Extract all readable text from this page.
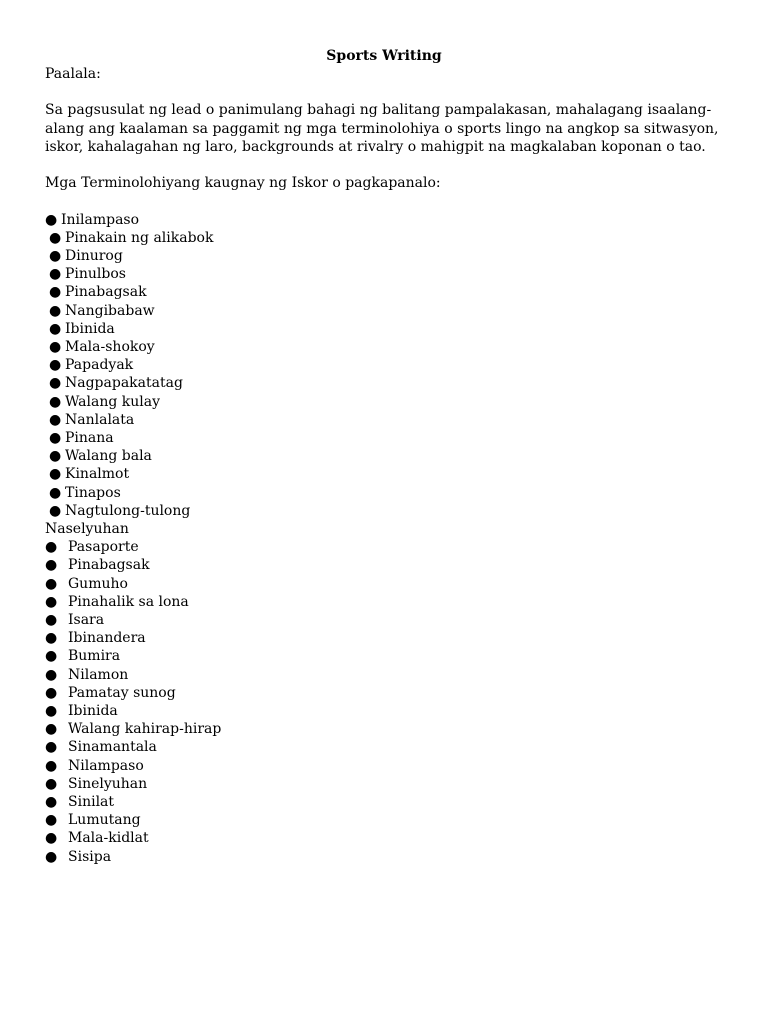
Sports Writing
Paalala:
Sa pagsusulat ng lead o panimulang bahagi ng balitang pampalakasan, mahalagang isaalang-alang ang kaalaman sa paggamit ng mga terminolohiya o sports lingo na angkop sa sitwasyon, iskor, kahalagahan ng laro, backgrounds at rivalry o mahigpit na magkalaban koponan o tao.
Mga Terminolohiyang kaugnay ng Iskor o pagkapanalo:
● Inilampaso
● Pinakain ng alikabok
● Dinurog
● Pinulbos
● Pinabagsak
● Nangibabaw
● Ibinida
● Mala-shokoy
● Papadyak
● Nagpapakatatag
● Walang kulay
● Nanlalata
● Pinana
● Walang bala
● Kinalmot
● Tinapos
● Nagtulong-tulong
Naselyuhan
● Pasaporte
● Pinabagsak
● Gumuho
● Pinahalik sa lona
● Isara
● Ibinandera
● Bumira
● Nilamon
● Pamatay sunog
● Ibinida
● Walang kahirap-hirap
● Sinamantala
● Nilampaso
● Sinelyuhan
● Sinilat
● Lumutang
● Mala-kidlat
● Sisipa
